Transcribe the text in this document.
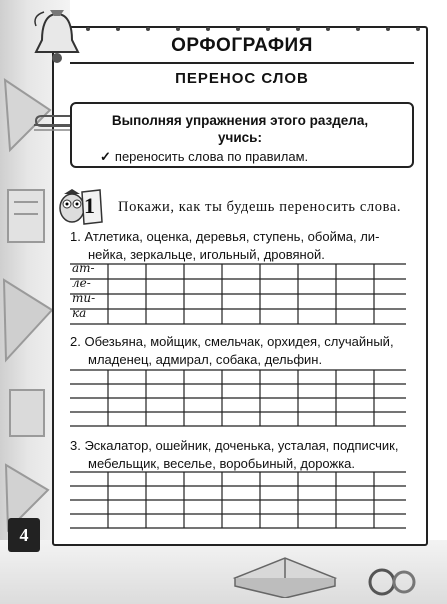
ОРФОГРАФИЯ
ПЕРЕНОС СЛОВ
Выполняя упражнения этого раздела,
учись:
✓ переносить слова по правилам.
1 Покажи, как ты будешь переносить слова.
1. Атлетика, оценка, деревья, ступень, обойма, ли-
нейка, зеркальце, игольный, дровяной.
ат-
ле-
ти-
ка
2. Обезьяна, мойщик, смельчак, орхидея, случайный,
младенец, адмирал, собака, дельфин.
3. Эскалатор, ошейник, доченька, усталая, подписчик,
мебельщик, веселье, воробьиный, дорожка.
4
